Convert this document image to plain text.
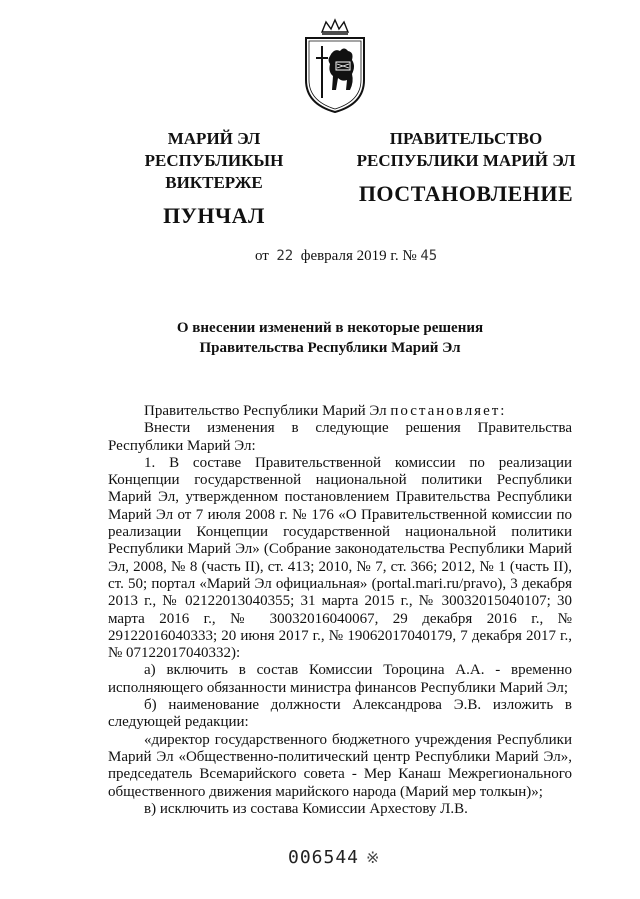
МАРИЙ ЭЛ РЕСПУБЛИКЫН
ВИКТЕРЖЕ
ПУНЧАЛ
ПРАВИТЕЛЬСТВО
РЕСПУБЛИКИ МАРИЙ ЭЛ
ПОСТАНОВЛЕНИЕ
от 22 февраля 2019 г. № 45
О внесении изменений в некоторые решения
Правительства Республики Марий Эл

Правительство Республики Марий Эл постановляет:

Внести изменения в следующие решения Правительства Республики Марий Эл:

1. В составе Правительственной комиссии по реализации Концепции государственной национальной политики Республики Марий Эл, утвержденном постановлением Правительства Республики Марий Эл от 7 июля 2008 г. № 176 «О Правительственной комиссии по реализации Концепции государственной национальной политики Республики Марий Эл» (Собрание законодательства Республики Марий Эл, 2008, № 8 (часть II), ст. 413; 2010, № 7, ст. 366; 2012, № 1 (часть II), ст. 50; портал «Марий Эл официальная» (portal.mari.ru/pravo), 3 декабря 2013 г., № 02122013040355; 31 марта 2015 г., № 30032015040107; 30 марта 2016 г., № 30032016040067, 29 декабря 2016 г., № 29122016040333; 20 июня 2017 г., № 19062017040179, 7 декабря 2017 г., № 07122017040332):

а) включить в состав Комиссии Тороцина А.А. - временно исполняющего обязанности министра финансов Республики Марий Эл;

б) наименование должности Александрова Э.В. изложить в следующей редакции:

«директор государственного бюджетного учреждения Республики Марий Эл «Общественно-политический центр Республики Марий Эл», председатель Всемарийского совета - Мер Канаш Межрегионального общественного движения марийского народа (Марий мер толкын)»;

в) исключить из состава Комиссии Архестову Л.В.

006544 ※
